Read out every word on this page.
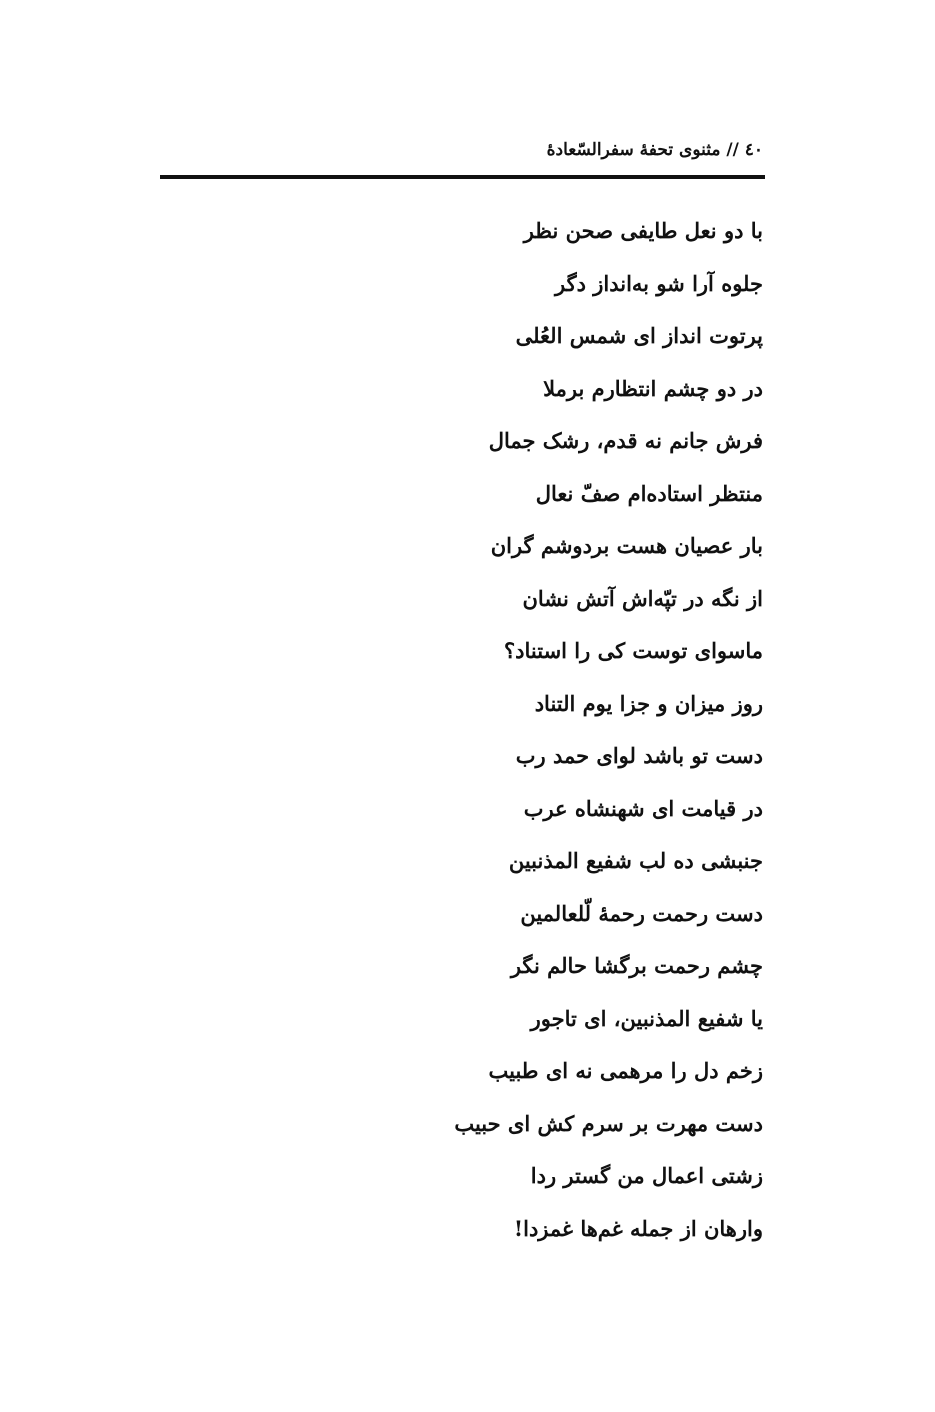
٤٠ // مثنوی تحفهٔ سفرالسّعادهٔ
با دو نعل طایفی صحن نظر
جلوه آرا شو به‌انداز دگر
پرتوت انداز ای شمس العُلی
در دو چشم انتظارم برملا
فرش جانم نه قدم، رشک جمال
منتظر استاده‌ام صفّ نعال
بار عصیان هست بردوشم گران
از نگه در تپّه‌اش آتش نشان
ماسوای توست کی را استناد؟
روز میزان و جزا یوم التناد
دست تو باشد لوای حمد رب
در قیامت ای شهنشاه عرب
جنبشی ده لب شفیع المذنبین
دست رحمت رحمهٔ لّلعالمین
چشم رحمت برگشا حالم نگر
یا شفیع المذنبین، ای تاجور
زخم دل را مرهمی نه ای طبیب
دست مهرت بر سرم کش ای حبیب
زشتی اعمال من گستر ردا
وارهان از جمله غم‌ها غمزدا!
